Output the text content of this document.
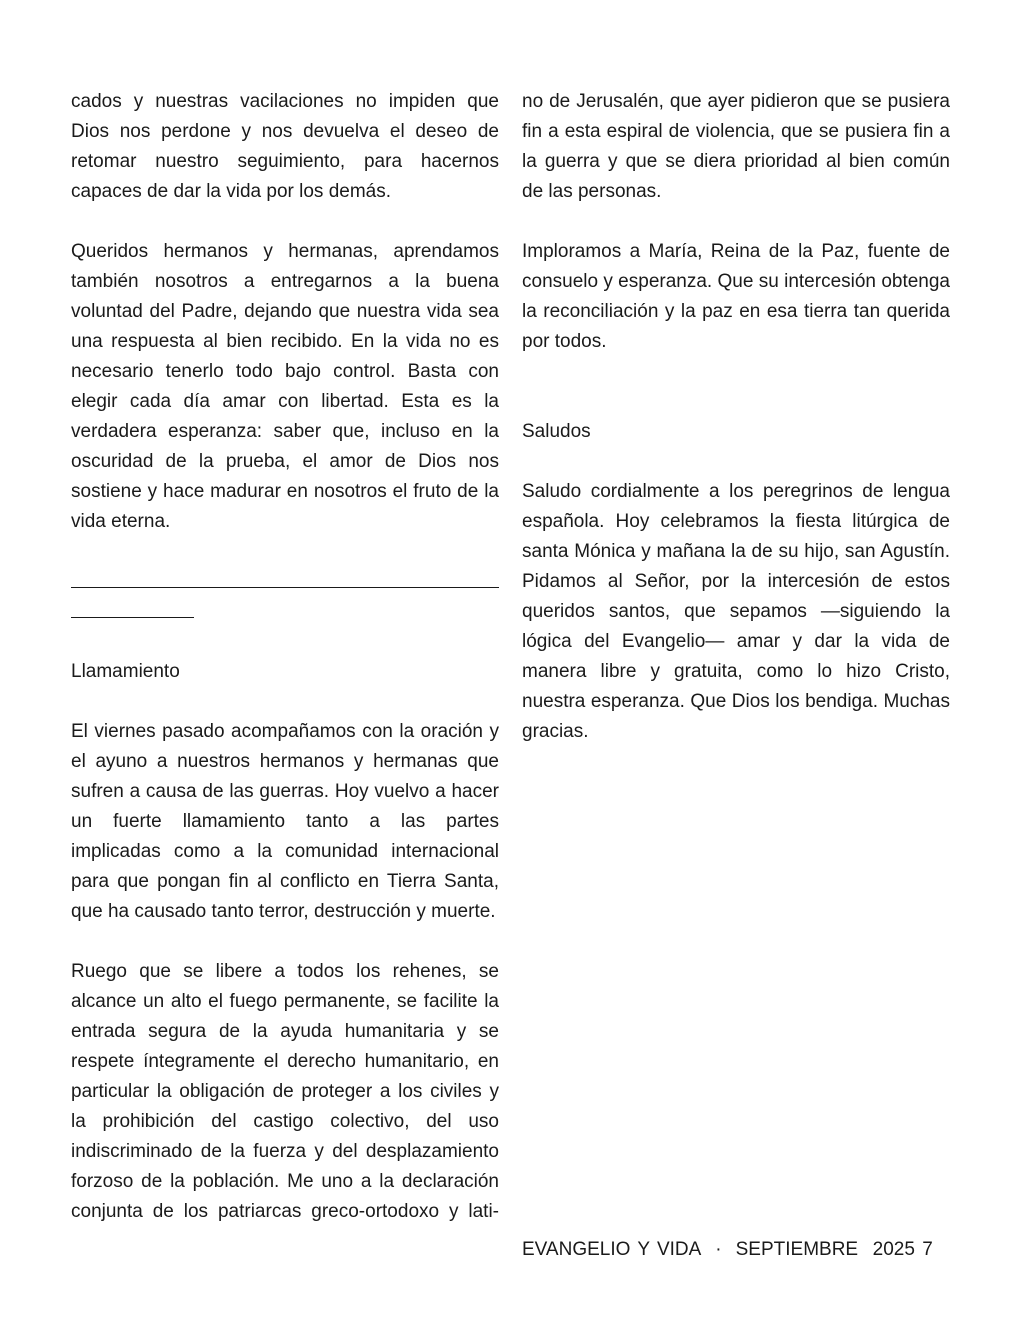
cados y nuestras vacilaciones no impiden que Dios nos perdone y nos devuelva el deseo de retomar nuestro seguimiento, para hacernos capaces de dar la vida por los demás.

Queridos hermanos y hermanas, aprendamos también nosotros a entregarnos a la buena voluntad del Padre, dejando que nuestra vida sea una respuesta al bien recibido. En la vida no es necesario tenerlo todo bajo control. Basta con elegir cada día amar con libertad. Esta es la verdadera esperanza: saber que, incluso en la oscuridad de la prueba, el amor de Dios nos sostiene y hace madurar en nosotros el fruto de la vida eterna.

Llamamiento

El viernes pasado acompañamos con la oración y el ayuno a nuestros hermanos y hermanas que sufren a causa de las guerras. Hoy vuelvo a hacer un fuerte llamamiento tanto a las partes implicadas como a la comunidad internacional para que pongan fin al conflicto en Tierra Santa, que ha causado tanto terror, destrucción y muerte.

Ruego que se libere a todos los rehenes, se alcance un alto el fuego permanente, se facilite la entrada segura de la ayuda humanitaria y se respete íntegramente el derecho humanitario, en particular la obligación de proteger a los civiles y la prohibición del castigo colectivo, del uso indiscriminado de la fuerza y del desplazamiento forzoso de la población. Me uno a la declaración conjunta de los patriarcas greco-ortodoxo y lati-

no de Jerusalén, que ayer pidieron que se pusiera fin a esta espiral de violencia, que se pusiera fin a la guerra y que se diera prioridad al bien común de las personas.

Imploramos a María, Reina de la Paz, fuente de consuelo y esperanza. Que su intercesión obtenga la reconciliación y la paz en esa tierra tan querida por todos.

Saludos

Saludo cordialmente a los peregrinos de lengua española. Hoy celebramos la fiesta litúrgica de santa Mónica y mañana la de su hijo, san Agustín. Pidamos al Señor, por la intercesión de estos queridos santos, que sepamos —siguiendo la lógica del Evangelio— amar y dar la vida de manera libre y gratuita, como lo hizo Cristo, nuestra esperanza. Que Dios los bendiga. Muchas gracias.

EVANGELIO Y VIDA · SEPTIEMBRE  2025 7
